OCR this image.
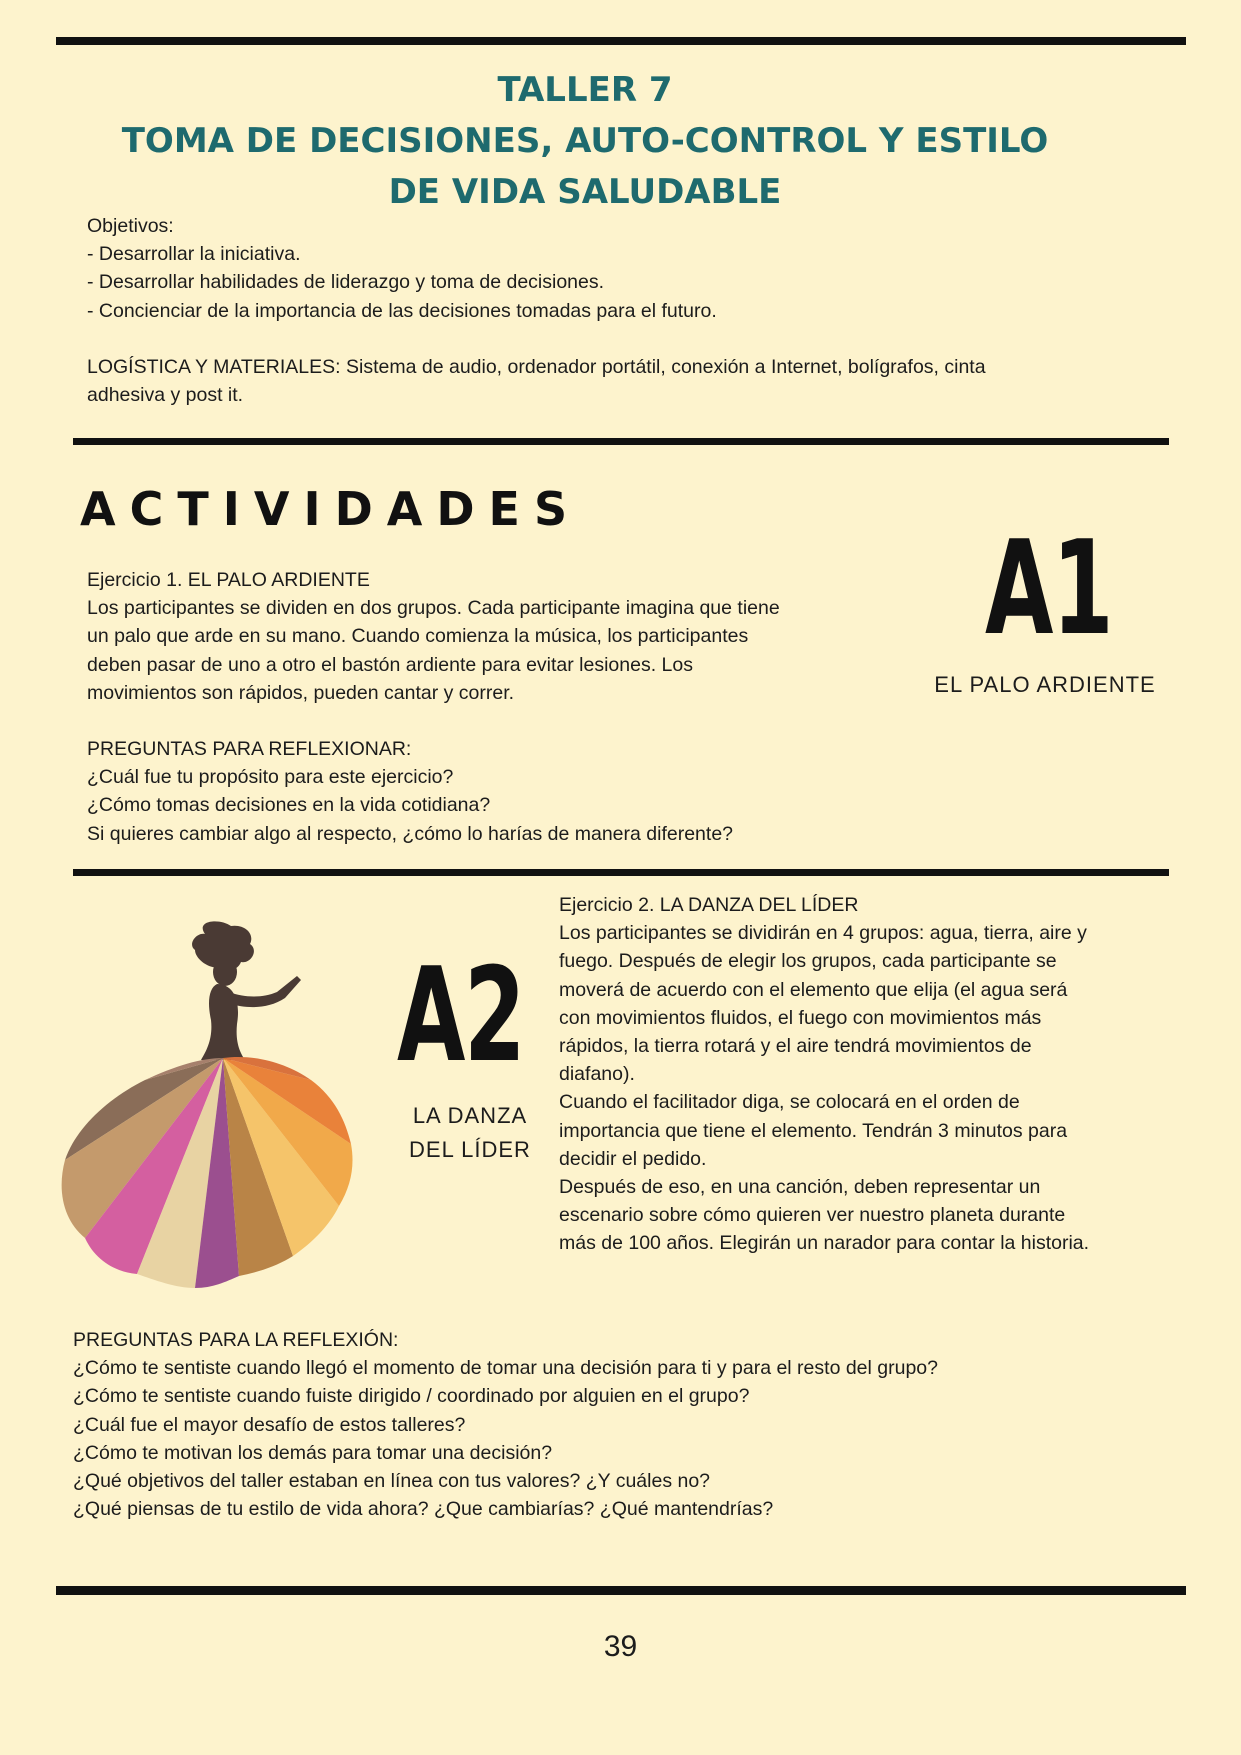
TALLER 7
TOMA DE DECISIONES, AUTO-CONTROL Y ESTILO
DE VIDA SALUDABLE
Objetivos:
- Desarrollar la iniciativa.
- Desarrollar habilidades de liderazgo y toma de decisiones.
- Concienciar de la importancia de las decisiones tomadas para el futuro.
LOGÍSTICA Y MATERIALES: Sistema de audio, ordenador portátil, conexión a Internet, bolígrafos, cinta
adhesiva y post it.
ACTIVIDADES
Ejercicio 1. EL PALO ARDIENTE
Los participantes se dividen en dos grupos. Cada participante imagina que tiene
un palo que arde en su mano. Cuando comienza la música, los participantes
deben pasar de uno a otro el bastón ardiente para evitar lesiones. Los
movimientos son rápidos, pueden cantar y correr.
PREGUNTAS PARA REFLEXIONAR:
¿Cuál fue tu propósito para este ejercicio?
¿Cómo tomas decisiones en la vida cotidiana?
Si quieres cambiar algo al respecto, ¿cómo lo harías de manera diferente?
A1
EL PALO ARDIENTE
A2
LA DANZA
DEL LÍDER
Ejercicio 2. LA DANZA DEL LÍDER
Los participantes se dividirán en 4 grupos: agua, tierra, aire y
fuego. Después de elegir los grupos, cada participante se
moverá de acuerdo con el elemento que elija (el agua será
con movimientos fluidos, el fuego con movimientos más
rápidos, la tierra rotará y el aire tendrá movimientos de
diafano).
Cuando el facilitador diga, se colocará en el orden de
importancia que tiene el elemento. Tendrán 3 minutos para
decidir el pedido.
Después de eso, en una canción, deben representar un
escenario sobre cómo quieren ver nuestro planeta durante
más de 100 años. Elegirán un narador para contar la historia.
PREGUNTAS PARA LA REFLEXIÓN:
¿Cómo te sentiste cuando llegó el momento de tomar una decisión para ti y para el resto del grupo?
¿Cómo te sentiste cuando fuiste dirigido / coordinado por alguien en el grupo?
¿Cuál fue el mayor desafío de estos talleres?
¿Cómo te motivan los demás para tomar una decisión?
¿Qué objetivos del taller estaban en línea con tus valores? ¿Y cuáles no?
¿Qué piensas de tu estilo de vida ahora? ¿Que cambiarías? ¿Qué mantendrías?
39
